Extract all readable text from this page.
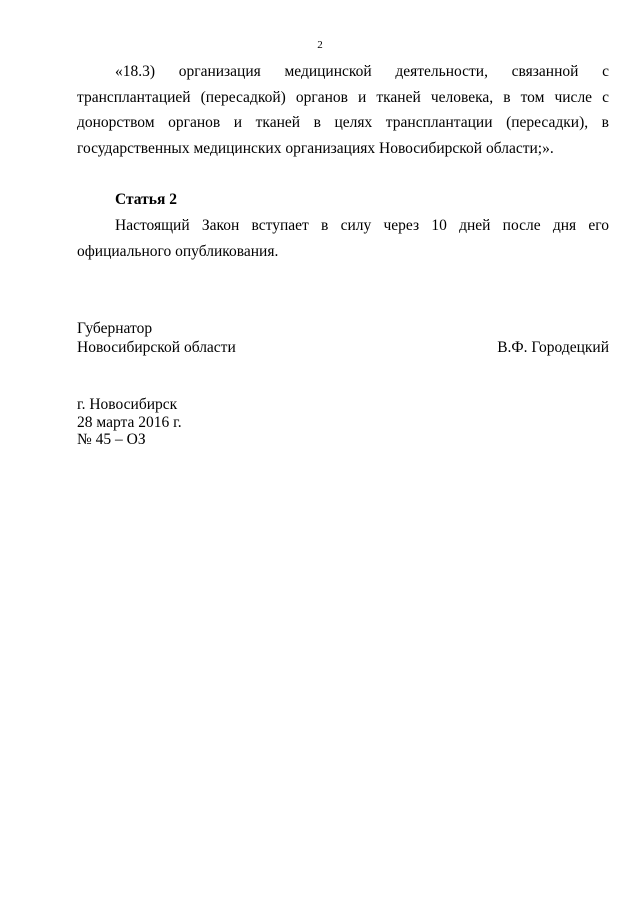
2

«18.3) организация медицинской деятельности, связанной с трансплантацией (пересадкой) органов и тканей человека, в том числе с донорством органов и тканей в целях трансплантации (пересадки), в государственных медицинских организациях Новосибирской области;».

Статья 2

Настоящий Закон вступает в силу через 10 дней после дня его официального опубликования.

Губернатор
Новосибирской области	В.Ф. Городецкий
г. Новосибирск
28 марта 2016 г.
№ 45 – ОЗ
